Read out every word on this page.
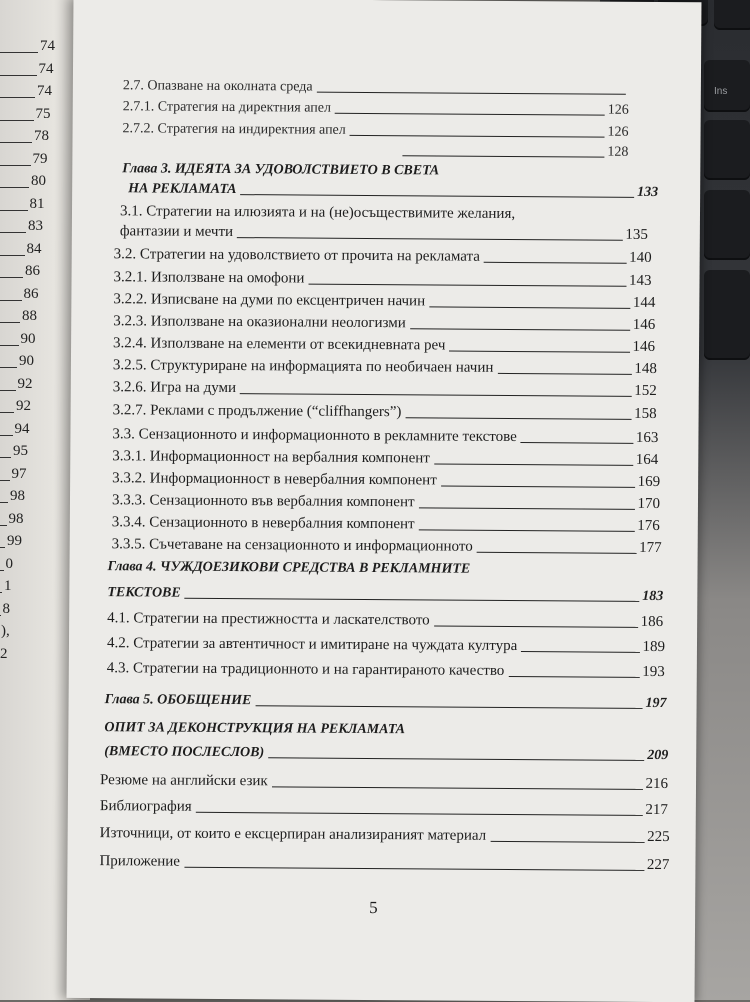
Ins
74
74
74
75
78
79
80
81
83
84
86
86
88
90
90
92
92
94
95
97
98
98
99
0
1
8
),
2
2.7. Опазване на околната среда
2.7.1. Стратегия на директния апел	126
2.7.2. Стратегия на индиректния апел	126
128
Глава 3. ИДЕЯТА ЗА УДОВОЛСТВИЕТО В СВЕТА
НА РЕКЛАМАТА	133
3.1. Стратегии на илюзията и на (не)осъществимите желания,
фантазии и мечти	135
3.2. Стратегии на удоволствието от прочита на рекламата	140
3.2.1. Използване на омофони	143
3.2.2. Изписване на думи по ексцентричен начин	144
3.2.3. Използване на оказионални неологизми	146
3.2.4. Използване на елементи от всекидневната реч	146
3.2.5. Структуриране на информацията по необичаен начин	148
3.2.6. Игра на думи	152
3.2.7. Реклами с продължение (“cliffhangers”)	158
3.3. Сензационното и информационното в рекламните текстове	163
3.3.1. Информационност на вербалния компонент	164
3.3.2. Информационност в невербалния компонент	169
3.3.3. Сензационното във вербалния компонент	170
3.3.4. Сензационното в невербалния компонент	176
3.3.5. Съчетаване на сензационното и информационното	177
Глава 4. ЧУЖДОЕЗИКОВИ СРЕДСТВА В РЕКЛАМНИТЕ
ТЕКСТОВЕ	183
4.1. Стратегии на престижността и ласкателството	186
4.2. Стратегии за автентичност и имитиране на чуждата култура	189
4.3. Стратегии на традиционното и на гарантираното качество	193
Глава 5. ОБОБЩЕНИЕ	197
ОПИТ ЗА ДЕКОНСТРУКЦИЯ НА РЕКЛАМАТА
(ВМЕСТО ПОСЛЕСЛОВ)	209
Резюме на английски език	216
Библиография	217
Източници, от които е ексцерпиран анализираният материал	225
Приложение	227
5
